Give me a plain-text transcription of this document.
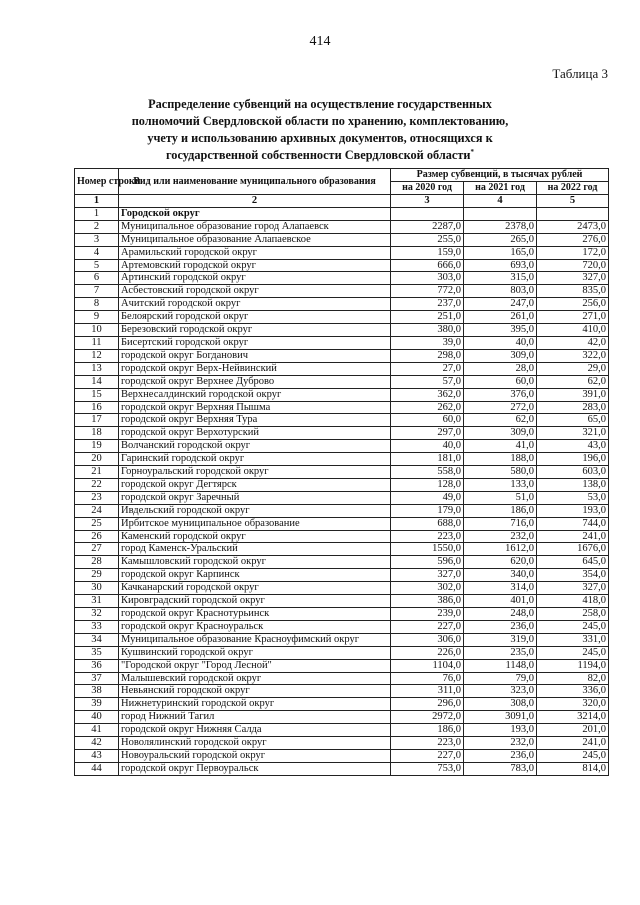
414
Таблица 3
Распределение субвенций на осуществление государственных
полномочий Свердловской области по хранению, комплектованию,
учету и использованию архивных документов, относящихся к
государственной собственности Свердловской области*
Номер строки	Вид или наименование муниципального образования	Размер субвенций, в тысячах рублей		
		на 2020 год	на 2021 год	на 2022 год
1	2	3	4	5
1	Городской округ			
2	Муниципальное образование город Алапаевск	2287,0	2378,0	2473,0
3	Муниципальное образование Алапаевское	255,0	265,0	276,0
4	Арамильский городской округ	159,0	165,0	172,0
5	Артемовский городской округ	666,0	693,0	720,0
6	Артинский городской округ	303,0	315,0	327,0
7	Асбестовский городской округ	772,0	803,0	835,0
8	Ачитский городской округ	237,0	247,0	256,0
9	Белоярский городской округ	251,0	261,0	271,0
10	Березовский городской округ	380,0	395,0	410,0
11	Бисертский городской округ	39,0	40,0	42,0
12	городской округ Богданович	298,0	309,0	322,0
13	городской округ Верх-Нейвинский	27,0	28,0	29,0
14	городской округ Верхнее Дуброво	57,0	60,0	62,0
15	Верхнесалдинский городской округ	362,0	376,0	391,0
16	городской округ Верхняя Пышма	262,0	272,0	283,0
17	городской округ Верхняя Тура	60,0	62,0	65,0
18	городской округ Верхотурский	297,0	309,0	321,0
19	Волчанский городской округ	40,0	41,0	43,0
20	Гаринский городской округ	181,0	188,0	196,0
21	Горноуральский городской округ	558,0	580,0	603,0
22	городской округ Дегтярск	128,0	133,0	138,0
23	городской округ Заречный	49,0	51,0	53,0
24	Ивдельский городской округ	179,0	186,0	193,0
25	Ирбитское муниципальное образование	688,0	716,0	744,0
26	Каменский городской округ	223,0	232,0	241,0
27	город Каменск-Уральский	1550,0	1612,0	1676,0
28	Камышловский городской округ	596,0	620,0	645,0
29	городской округ Карпинск	327,0	340,0	354,0
30	Качканарский городской округ	302,0	314,0	327,0
31	Кировградский городской округ	386,0	401,0	418,0
32	городской округ Краснотурьинск	239,0	248,0	258,0
33	городской округ Красноуральск	227,0	236,0	245,0
34	Муниципальное образование Красноуфимский округ	306,0	319,0	331,0
35	Кушвинский городской округ	226,0	235,0	245,0
36	"Городской округ "Город Лесной"	1104,0	1148,0	1194,0
37	Малышевский городской округ	76,0	79,0	82,0
38	Невьянский городской округ	311,0	323,0	336,0
39	Нижнетуринский городской округ	296,0	308,0	320,0
40	город Нижний Тагил	2972,0	3091,0	3214,0
41	городской округ Нижняя Салда	186,0	193,0	201,0
42	Новолялинский городской округ	223,0	232,0	241,0
43	Новоуральский городской округ	227,0	236,0	245,0
44	городской округ Первоуральск	753,0	783,0	814,0
